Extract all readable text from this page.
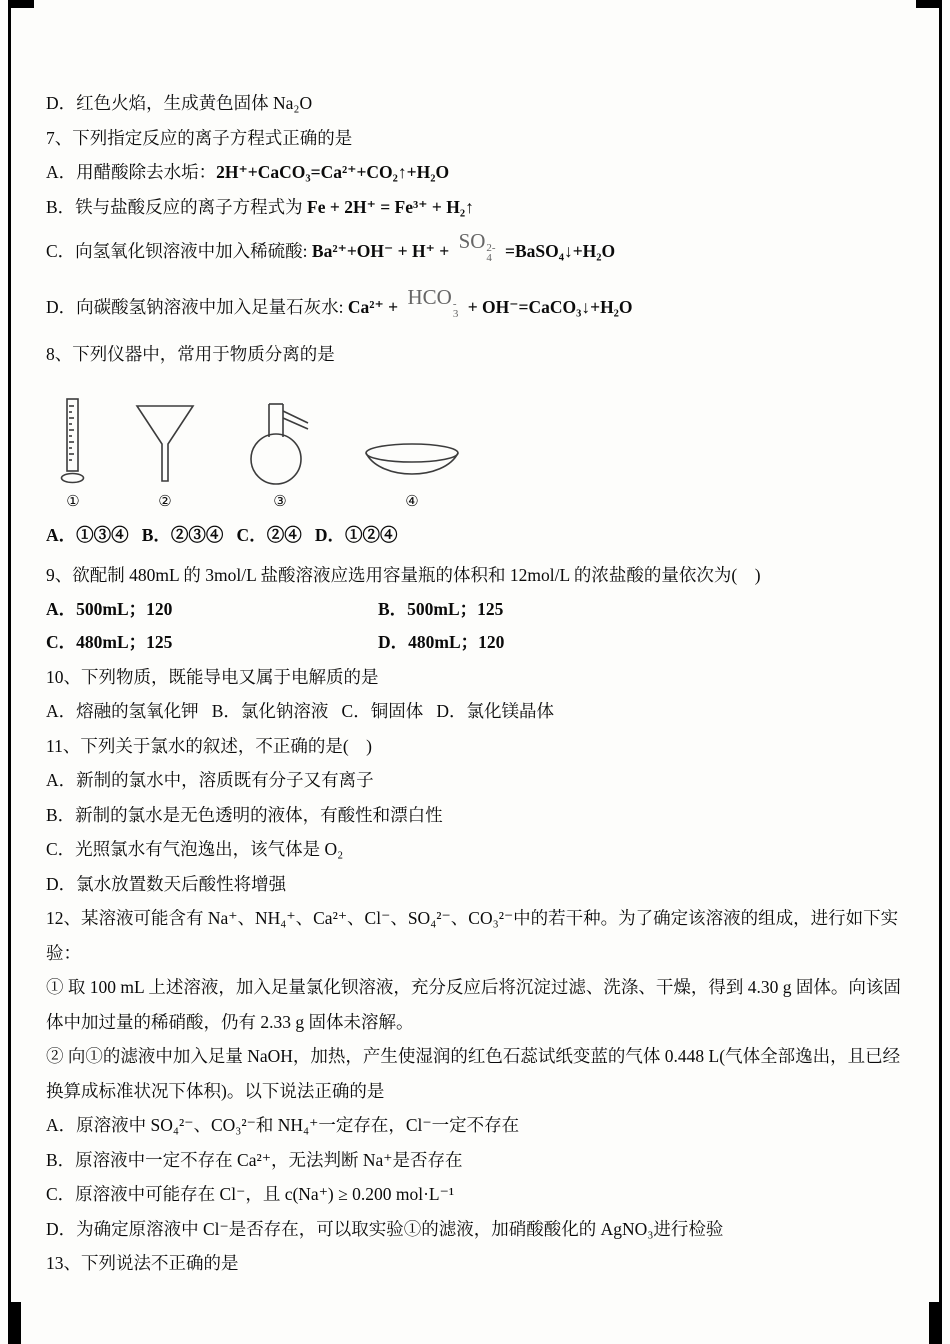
D．红色火焰，生成黄色固体 Na₂O

7、下列指定反应的离子方程式正确的是

A．用醋酸除去水垢：2H⁺+CaCO₃=Ca²⁺+CO₂↑+H₂O

B．铁与盐酸反应的离子方程式为 Fe + 2H⁺ = Fe³⁺ + H₂↑

C．向氢氧化钡溶液中加入稀硫酸: Ba²⁺+OH⁻ + H⁺ + SO 2-
4 =BaSO₄↓+H₂O

D．向碳酸氢钠溶液中加入足量石灰水: Ca²⁺ + HCO -
3 + OH⁻=CaCO₃↓+H₂O

8、下列仪器中，常用于物质分离的是

①	②	③	④

A．①③④   B．②③④   C．②④   D．①②④

9、欲配制 480mL 的 3mol/L 盐酸溶液应选用容量瓶的体积和 12mol/L 的浓盐酸的量依次为(　)

A．500mL；120	B．500mL；125
C．480mL；125	D．480mL；120

10、下列物质，既能导电又属于电解质的是

A．熔融的氢氧化钾   B．氯化钠溶液   C．铜固体   D．氯化镁晶体

11、下列关于氯水的叙述，不正确的是(　)

A．新制的氯水中，溶质既有分子又有离子

B．新制的氯水是无色透明的液体，有酸性和漂白性

C．光照氯水有气泡逸出，该气体是 O₂

D．氯水放置数天后酸性将增强

12、某溶液可能含有 Na⁺、NH₄⁺、Ca²⁺、Cl⁻、SO₄²⁻、CO₃²⁻中的若干种。为了确定该溶液的组成，进行如下实验：

① 取 100 mL 上述溶液，加入足量氯化钡溶液，充分反应后将沉淀过滤、洗涤、干燥，得到 4.30 g 固体。向该固体中加过量的稀硝酸，仍有 2.33 g 固体未溶解。

② 向①的滤液中加入足量 NaOH，加热，产生使湿润的红色石蕊试纸变蓝的气体 0.448 L(气体全部逸出，且已经换算成标准状况下体积)。以下说法正确的是

A．原溶液中 SO₄²⁻、CO₃²⁻和 NH₄⁺一定存在，Cl⁻一定不存在

B．原溶液中一定不存在 Ca²⁺，无法判断 Na⁺是否存在

C．原溶液中可能存在 Cl⁻，且 c(Na⁺) ≥ 0.200 mol·L⁻¹

D．为确定原溶液中 Cl⁻是否存在，可以取实验①的滤液，加硝酸酸化的 AgNO₃进行检验

13、下列说法不正确的是
